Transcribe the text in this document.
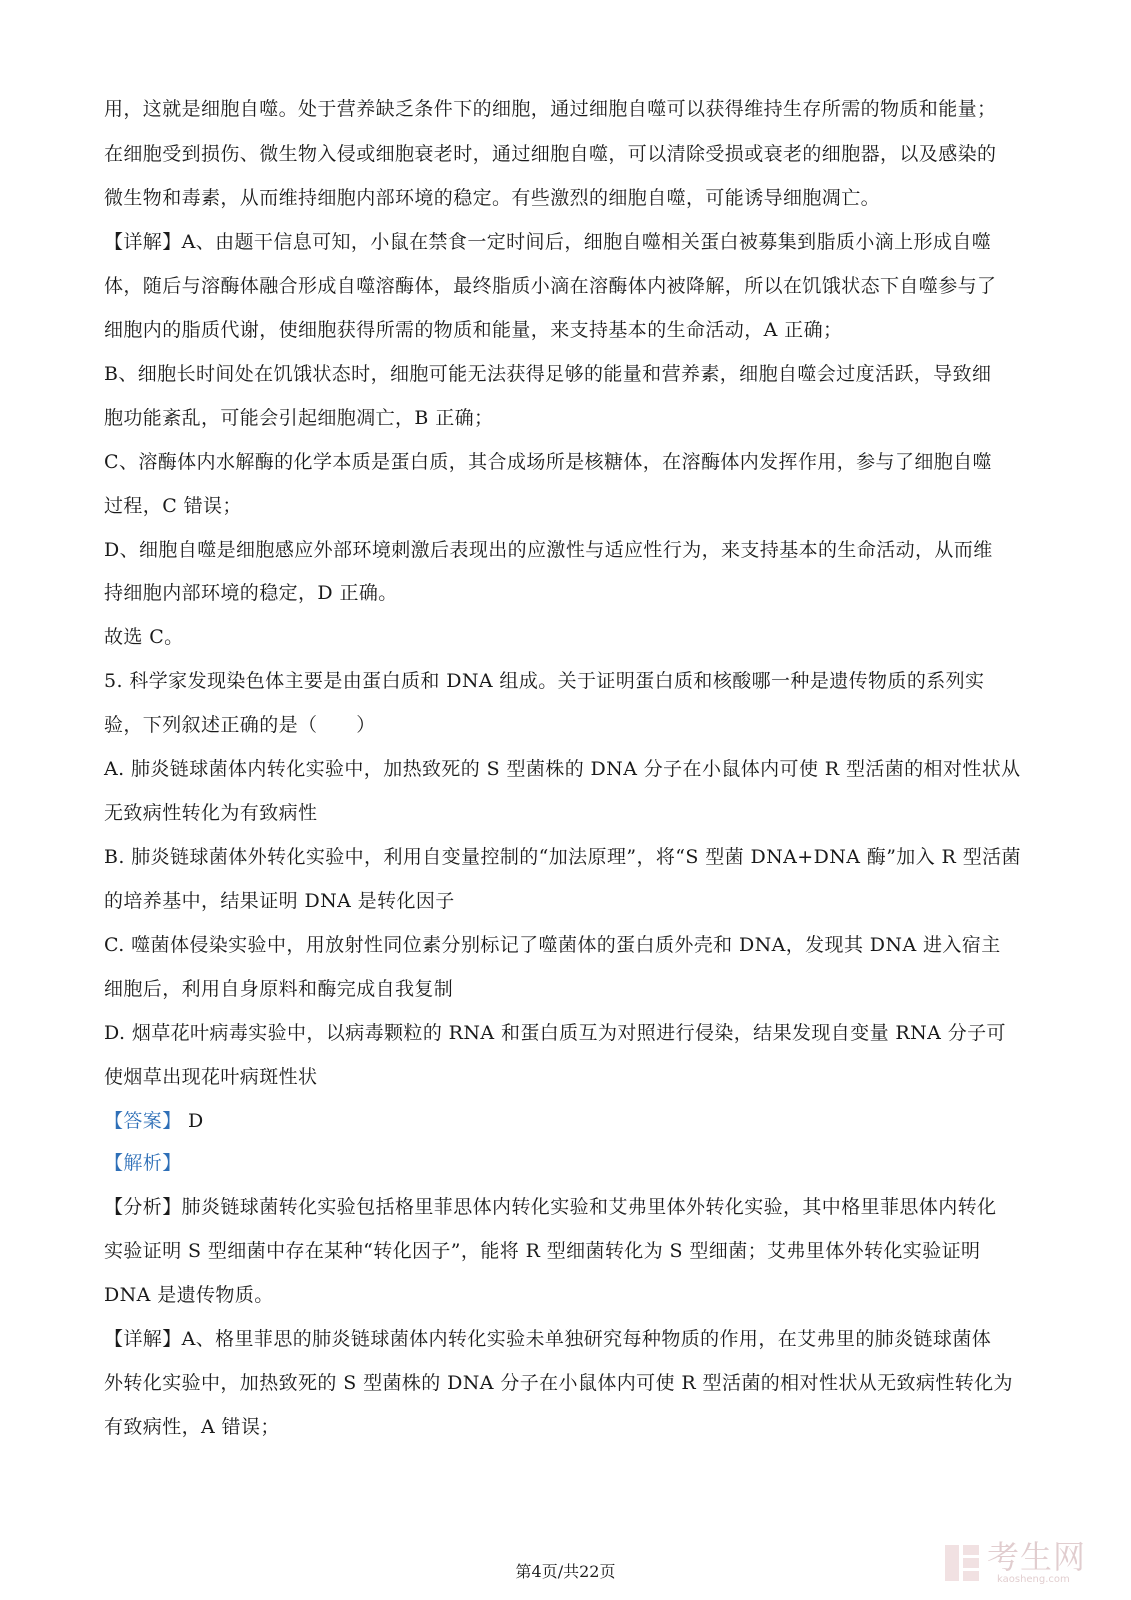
用，这就是细胞自噬。处于营养缺乏条件下的细胞，通过细胞自噬可以获得维持生存所需的物质和能量；
在细胞受到损伤、微生物入侵或细胞衰老时，通过细胞自噬，可以清除受损或衰老的细胞器，以及感染的
微生物和毒素，从而维持细胞内部环境的稳定。有些激烈的细胞自噬，可能诱导细胞凋亡。
【详解】A、由题干信息可知，小鼠在禁食一定时间后，细胞自噬相关蛋白被募集到脂质小滴上形成自噬
体，随后与溶酶体融合形成自噬溶酶体，最终脂质小滴在溶酶体内被降解，所以在饥饿状态下自噬参与了
细胞内的脂质代谢，使细胞获得所需的物质和能量，来支持基本的生命活动，A 正确；
B、细胞长时间处在饥饿状态时，细胞可能无法获得足够的能量和营养素，细胞自噬会过度活跃，导致细
胞功能紊乱，可能会引起细胞凋亡，B 正确；
C、溶酶体内水解酶的化学本质是蛋白质，其合成场所是核糖体，在溶酶体内发挥作用，参与了细胞自噬
过程，C 错误；
D、细胞自噬是细胞感应外部环境刺激后表现出的应激性与适应性行为，来支持基本的生命活动，从而维
持细胞内部环境的稳定，D 正确。
故选 C。
5. 科学家发现染色体主要是由蛋白质和 DNA 组成。关于证明蛋白质和核酸哪一种是遗传物质的系列实
验，下列叙述正确的是（　　）
A. 肺炎链球菌体内转化实验中，加热致死的 S 型菌株的 DNA 分子在小鼠体内可使 R 型活菌的相对性状从
无致病性转化为有致病性
B. 肺炎链球菌体外转化实验中，利用自变量控制的“加法原理”，将“S 型菌 DNA+DNA 酶”加入 R 型活菌
的培养基中，结果证明 DNA 是转化因子
C. 噬菌体侵染实验中，用放射性同位素分别标记了噬菌体的蛋白质外壳和 DNA，发现其 DNA 进入宿主
细胞后，利用自身原料和酶完成自我复制
D. 烟草花叶病毒实验中，以病毒颗粒的 RNA 和蛋白质互为对照进行侵染，结果发现自变量 RNA 分子可
使烟草出现花叶病斑性状
【答案】 D
【解析】
【分析】肺炎链球菌转化实验包括格里菲思体内转化实验和艾弗里体外转化实验，其中格里菲思体内转化
实验证明 S 型细菌中存在某种“转化因子”，能将 R 型细菌转化为 S 型细菌；艾弗里体外转化实验证明
DNA 是遗传物质。
【详解】A、格里菲思的肺炎链球菌体内转化实验未单独研究每种物质的作用，在艾弗里的肺炎链球菌体
外转化实验中，加热致死的 S 型菌株的 DNA 分子在小鼠体内可使 R 型活菌的相对性状从无致病性转化为
有致病性，A 错误；
第4页/共22页	考生网
kaosheng.com
